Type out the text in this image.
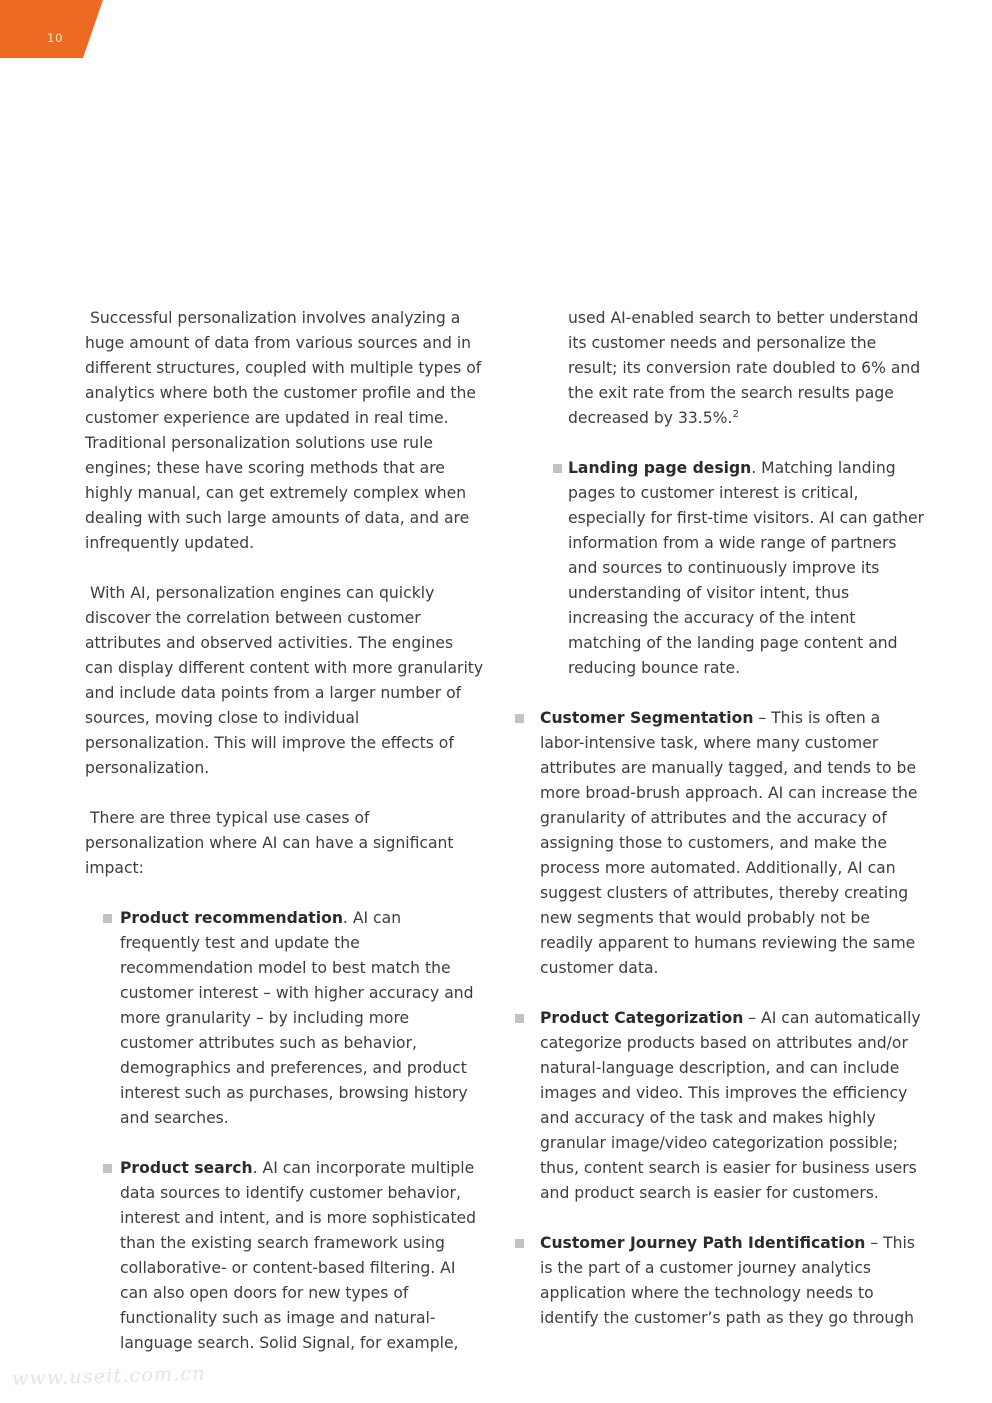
10

Successful personalization involves analyzing a huge amount of data from various sources and in different structures, coupled with multiple types of analytics where both the customer profile and the customer experience are updated in real time. Traditional personalization solutions use rule engines; these have scoring methods that are highly manual, can get extremely complex when dealing with such large amounts of data, and are infrequently updated.

With AI, personalization engines can quickly discover the correlation between customer attributes and observed activities. The engines can display different content with more granularity and include data points from a larger number of sources, moving close to individual personalization. This will improve the effects of personalization.

There are three typical use cases of personalization where AI can have a significant impact:

Product recommendation. AI can frequently test and update the recommendation model to best match the customer interest – with higher accuracy and more granularity – by including more customer attributes such as behavior, demographics and preferences, and product interest such as purchases, browsing history and searches.
Product search. AI can incorporate multiple data sources to identify customer behavior, interest and intent, and is more sophisticated than the existing search framework using collaborative- or content-based filtering. AI can also open doors for new types of functionality such as image and natural-language search. Solid Signal, for example,

used AI-enabled search to better understand its customer needs and personalize the result; its conversion rate doubled to 6% and the exit rate from the search results page decreased by 33.5%.$^2$

Landing page design. Matching landing pages to customer interest is critical, especially for first-time visitors. AI can gather information from a wide range of partners and sources to continuously improve its understanding of visitor intent, thus increasing the accuracy of the intent matching of the landing page content and reducing bounce rate.
Customer Segmentation – This is often a labor-intensive task, where many customer attributes are manually tagged, and tends to be more broad-brush approach. AI can increase the granularity of attributes and the accuracy of assigning those to customers, and make the process more automated. Additionally, AI can suggest clusters of attributes, thereby creating new segments that would probably not be readily apparent to humans reviewing the same customer data.
Product Categorization – AI can automatically categorize products based on attributes and/or natural-language description, and can include images and video. This improves the efficiency and accuracy of the task and makes highly granular image/video categorization possible; thus, content search is easier for business users and product search is easier for customers.
Customer Journey Path Identification – This is the part of a customer journey analytics application where the technology needs to identify the customer’s path as they go through
www.useit.com.cn
